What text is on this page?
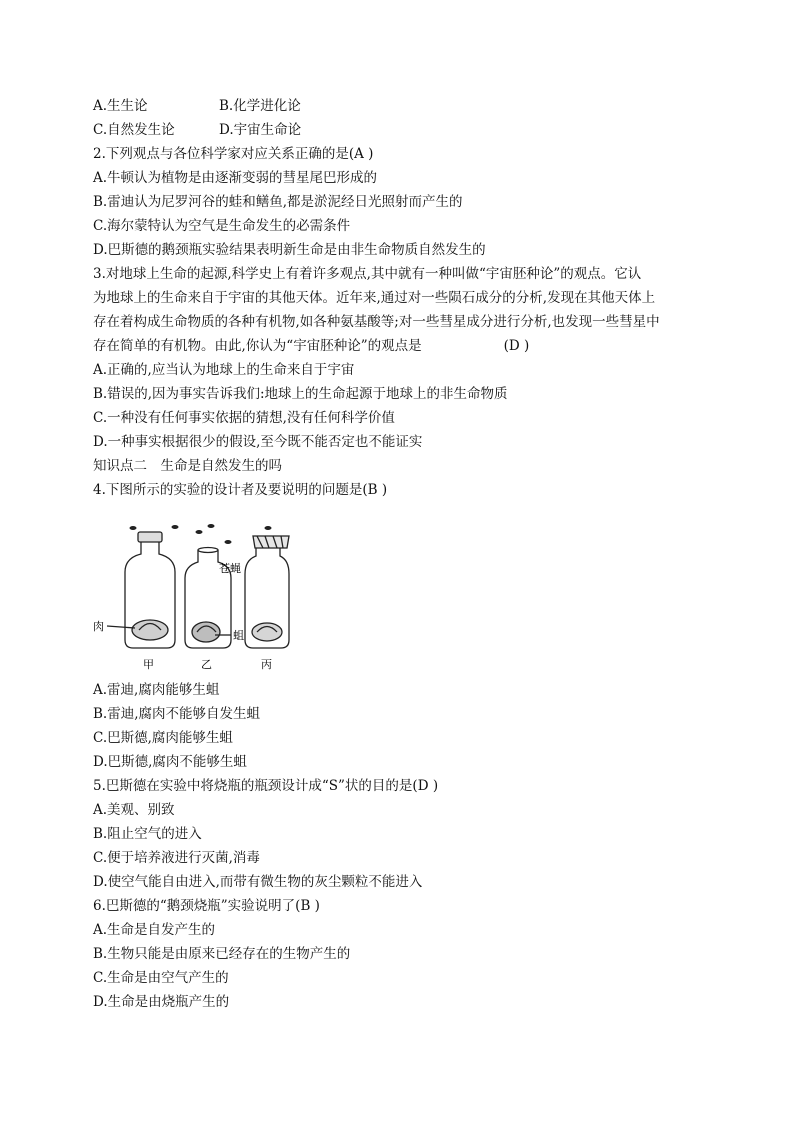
A.生生论	B.化学进化论
C.自然发生论	D.宇宙生命论
2.下列观点与各位科学家对应关系正确的是(A )
A.牛顿认为植物是由逐渐变弱的彗星尾巴形成的
B.雷迪认为尼罗河谷的蛙和鳝鱼,都是淤泥经日光照射而产生的
C.海尔蒙特认为空气是生命发生的必需条件
D.巴斯德的鹅颈瓶实验结果表明新生命是由非生命物质自然发生的
3.对地球上生命的起源,科学史上有着许多观点,其中就有一种叫做“宇宙胚种论”的观点。它认
为地球上的生命来自于宇宙的其他天体。近年来,通过对一些陨石成分的分析,发现在其他天体上
存在着构成生命物质的各种有机物,如各种氨基酸等;对一些彗星成分进行分析,也发现一些彗星中
存在简单的有机物。由此,你认为“宇宙胚种论”的观点是	(D )
A.正确的,应当认为地球上的生命来自于宇宙
B.错误的,因为事实告诉我们:地球上的生命起源于地球上的非生命物质
C.一种没有任何事实依据的猜想,没有任何科学价值
D.一种事实根据很少的假设,至今既不能否定也不能证实
知识点二　生命是自然发生的吗
4.下图所示的实验的设计者及要说明的问题是(B )
肉
苍蝇
蛆
甲	乙	丙
A.雷迪,腐肉能够生蛆
B.雷迪,腐肉不能够自发生蛆
C.巴斯德,腐肉能够生蛆
D.巴斯德,腐肉不能够生蛆
5.巴斯德在实验中将烧瓶的瓶颈设计成“S”状的目的是(D )
A.美观、别致
B.阻止空气的进入
C.便于培养液进行灭菌,消毒
D.使空气能自由进入,而带有微生物的灰尘颗粒不能进入
6.巴斯德的“鹅颈烧瓶”实验说明了(B )
A.生命是自发产生的
B.生物只能是由原来已经存在的生物产生的
C.生命是由空气产生的
D.生命是由烧瓶产生的
